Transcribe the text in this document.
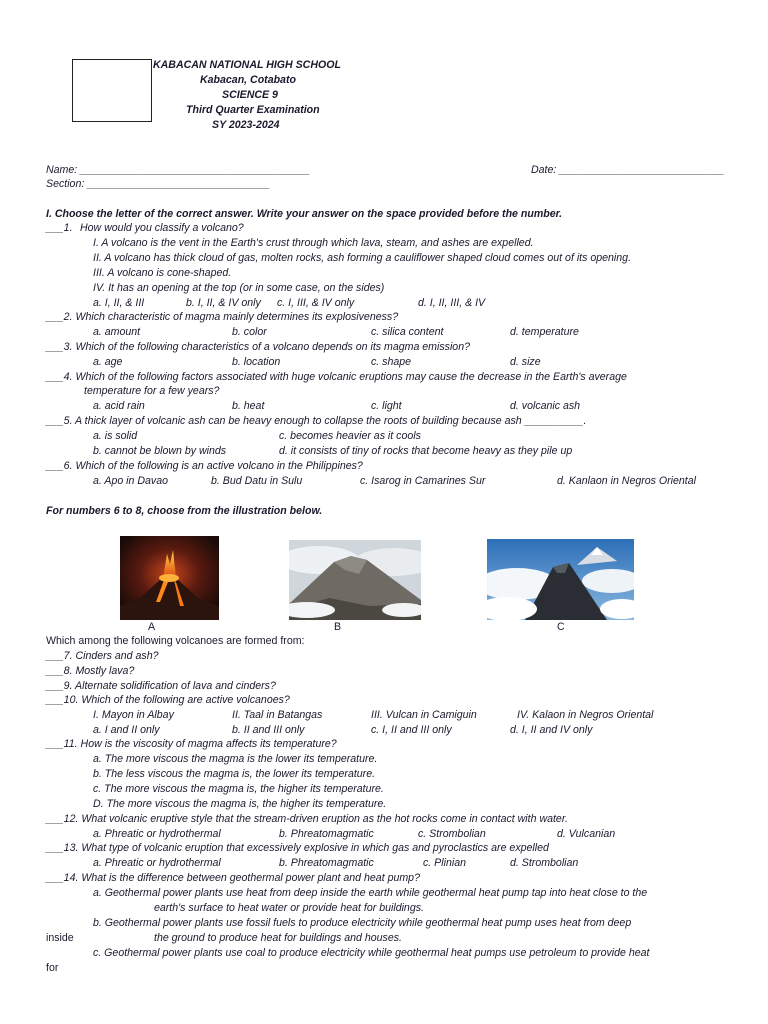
KABACAN NATIONAL HIGH SCHOOL
Kabacan, Cotabato
SCIENCE 9
Third Quarter Examination
SY 2023-2024
Name: _______________________________________	Date: ____________________________
Section: _______________________________
I. Choose the letter of the correct answer. Write your answer on the space provided before the number.
___1. How would you classify a volcano?
I. A volcano is the vent in the Earth's crust through which lava, steam, and ashes are expelled.
II. A volcano has thick cloud of gas, molten rocks, ash forming a cauliflower shaped cloud comes out of its opening.
III. A volcano is cone-shaped.
IV. It has an opening at the top (or in some case, on the sides)
a. I, II, & III	b. I, II, & IV only c. I, III, & IV only	d. I, II, III, & IV
___2. Which characteristic of magma mainly determines its explosiveness?
a. amount	b. color	c. silica content	d. temperature
___3. Which of the following characteristics of a volcano depends on its magma emission?
a. age	b. location	c. shape	d. size
___4. Which of the following factors associated with huge volcanic eruptions may cause the decrease in the Earth's average
temperature for a few years?
a. acid rain	b. heat	c. light	d. volcanic ash
___5. A thick layer of volcanic ash can be heavy enough to collapse the roots of building because ash __________.
a. is solid	c. becomes heavier as it cools
b. cannot be blown by winds	d. it consists of tiny of rocks that become heavy as they pile up
___6. Which of the following is an active volcano in the Philippines?
a. Apo in Davao	b. Bud Datu in Sulu	c. Isarog in Camarines Sur	d. Kanlaon in Negros Oriental
For numbers 6 to 8, choose from the illustration below.
A	B	C
Which among the following volcanoes are formed from:
___7. Cinders and ash?
___8. Mostly lava?
___9. Alternate solidification of lava and cinders?
___10. Which of the following are active volcanoes?
I. Mayon in Albay	II. Taal in Batangas	III. Vulcan in Camiguin	IV. Kalaon in Negros Oriental
a. I and II only	b. II and III only	c. I, II and III only	d. I, II and IV only
___11. How is the viscosity of magma affects its temperature?
a. The more viscous the magma is the lower its temperature.
b. The less viscous the magma is, the lower its temperature.
c. The more viscous the magma is, the higher its temperature.
D. The more viscous the magma is, the higher its temperature.
___12. What volcanic eruptive style that the stream-driven eruption as the hot rocks come in contact with water.
a. Phreatic or hydrothermal	b. Phreatomagmatic	c. Strombolian	d. Vulcanian
___13. What type of volcanic eruption that excessively explosive in which gas and pyroclastics are expelled
a. Phreatic or hydrothermal	b. Phreatomagmatic	c. Plinian	d. Strombolian
___14. What is the difference between geothermal power plant and heat pump?
a. Geothermal power plants use heat from deep inside the earth while geothermal heat pump tap into heat close to the
earth's surface to heat water or provide heat for buildings.
b. Geothermal power plants use fossil fuels to produce electricity while geothermal heat pump uses heat from deep
inside	the ground to produce heat for buildings and houses.
c. Geothermal power plants use coal to produce electricity while geothermal heat pumps use petroleum to provide heat
for
